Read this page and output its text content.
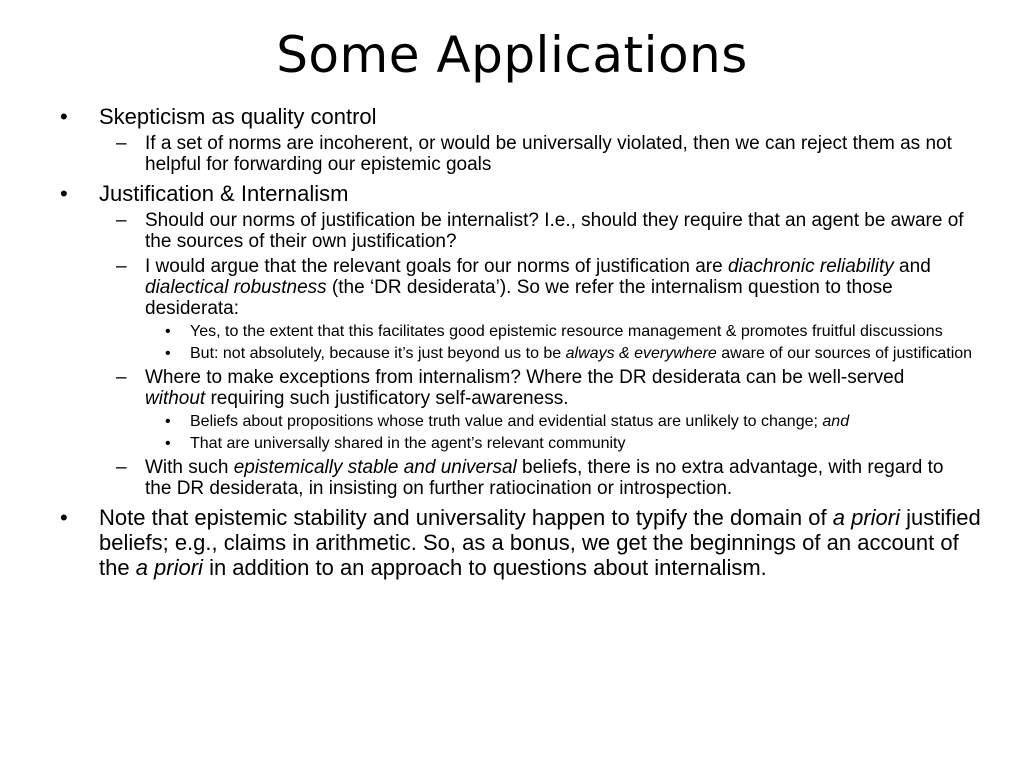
Some Applications
• Skepticism as quality control
– If a set of norms are incoherent, or would be universally violated, then we can reject them as not helpful for forwarding our epistemic goals
• Justification & Internalism
– Should our norms of justification be internalist? I.e., should they require that an agent be aware of the sources of their own justification?
– I would argue that the relevant goals for our norms of justification are diachronic reliability and dialectical robustness (the ‘DR desiderata’). So we refer the internalism question to those desiderata:
• Yes, to the extent that this facilitates good epistemic resource management & promotes fruitful discussions
• But: not absolutely, because it’s just beyond us to be always & everywhere aware of our sources of justification
– Where to make exceptions from internalism? Where the DR desiderata can be well-served without requiring such justificatory self-awareness.
• Beliefs about propositions whose truth value and evidential status are unlikely to change; and
• That are universally shared in the agent’s relevant community
– With such epistemically stable and universal beliefs, there is no extra advantage, with regard to the DR desiderata, in insisting on further ratiocination or introspection.
• Note that epistemic stability and universality happen to typify the domain of a priori justified beliefs; e.g., claims in arithmetic. So, as a bonus, we get the beginnings of an account of the a priori in addition to an approach to questions about internalism.
